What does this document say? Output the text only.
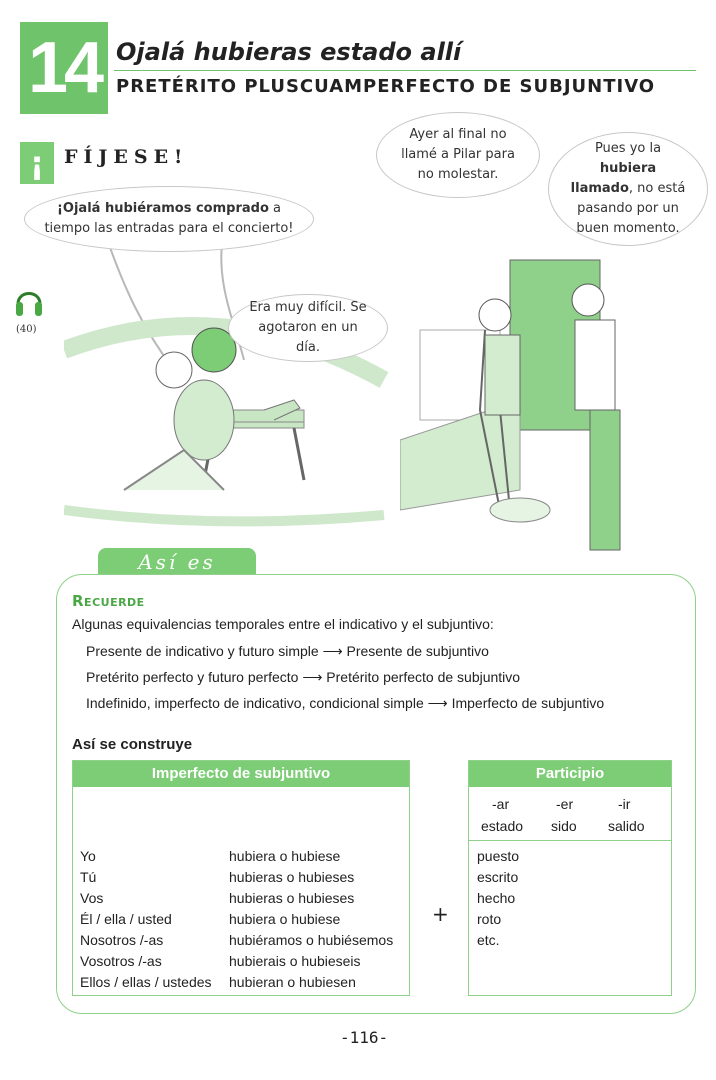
14 Ojalá hubieras estado allí
PRETÉRITO PLUSCUAMPERFECTO DE SUBJUNTIVO
¡	FÍJESE!
(40)
¡Ojalá hubiéramos comprado a tiempo las entradas para el concierto!
Era muy difícil. Se agotaron en un día.
Ayer al final no llamé a Pilar para no molestar.
Pues yo la hubiera llamado, no está pasando por un buen momento.
Así es
Recuerde
Algunas equivalencias temporales entre el indicativo y el subjuntivo:
Presente de indicativo y futuro simple ⟶ Presente de subjuntivo
Pretérito perfecto y futuro perfecto ⟶ Pretérito perfecto de subjuntivo
Indefinido, imperfecto de indicativo, condicional simple ⟶ Imperfecto de subjuntivo
Así se construye
Imperfecto de subjuntivo
Yo	hubiera o hubiese
Tú	hubieras o hubieses
Vos	hubieras o hubieses
Él / ella / usted	hubiera o hubiese
Nosotros /-as	hubiéramos o hubiésemos
Vosotros /-as	hubierais o hubieseis
Ellos / ellas / ustedes hubieran o hubiesen
+
Participio
-ar	-er	-ir
estado sido salido
puesto
escrito
hecho
roto
etc.
-116-
